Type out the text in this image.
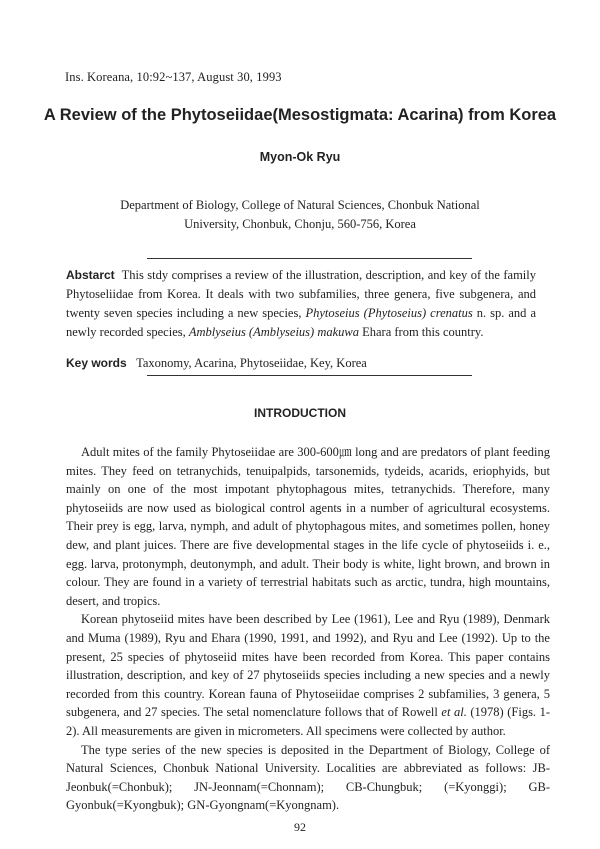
Ins. Koreana, 10:92~137, August 30, 1993
A Review of the Phytoseiidae(Mesostigmata: Acarina) from Korea
Myon-Ok Ryu
Department of Biology, College of Natural Sciences, Chonbuk National
University, Chonbuk, Chonju, 560-756, Korea
Abstarct This stdy comprises a review of the illustration, description, and key of the family Phytoseliidae from Korea. It deals with two subfamilies, three genera, five subgenera, and twenty seven species including a new species, Phytoseius (Phytoseius) crenatus n. sp. and a newly recorded species, Amblyseius (Amblyseius) makuwa Ehara from this country.
Key words Taxonomy, Acarina, Phytoseiidae, Key, Korea
INTRODUCTION

Adult mites of the family Phytoseiidae are 300-600㎛ long and are predators of plant feeding mites. They feed on tetranychids, tenuipalpids, tarsonemids, tydeids, acarids, eriophyids, but mainly on one of the most impotant phytophagous mites, tetranychids. Therefore, many phytoseiids are now used as biological control agents in a number of agricultural ecosystems. Their prey is egg, larva, nymph, and adult of phytophagous mites, and sometimes pollen, honey dew, and plant juices. There are five developmental stages in the life cycle of phytoseiids i. e., egg. larva, protonymph, deutonymph, and adult. Their body is white, light brown, and brown in colour. They are found in a variety of terrestrial habitats such as arctic, tundra, high mountains, desert, and tropics.

Korean phytoseiid mites have been described by Lee (1961), Lee and Ryu (1989), Denmark and Muma (1989), Ryu and Ehara (1990, 1991, and 1992), and Ryu and Lee (1992). Up to the present, 25 species of phytoseiid mites have been recorded from Korea. This paper contains illustration, description, and key of 27 phytoseiids species including a new species and a newly recorded from this country. Korean fauna of Phytoseiidae comprises 2 subfamilies, 3 genera, 5 subgenera, and 27 species. The setal nomenclature follows that of Rowell et al. (1978) (Figs. 1-2). All measurements are given in micrometers. All specimens were collected by author.

The type series of the new species is deposited in the Department of Biology, College of Natural Sciences, Chonbuk National University. Localities are abbreviated as follows: JB-Jeonbuk(=Chonbuk); JN-Jeonnam(=Chonnam); CB-Chungbuk; (=Kyonggi); GB-Gyonbuk(=Kyongbuk); GN-Gyongnam(=Kyongnam).

92
